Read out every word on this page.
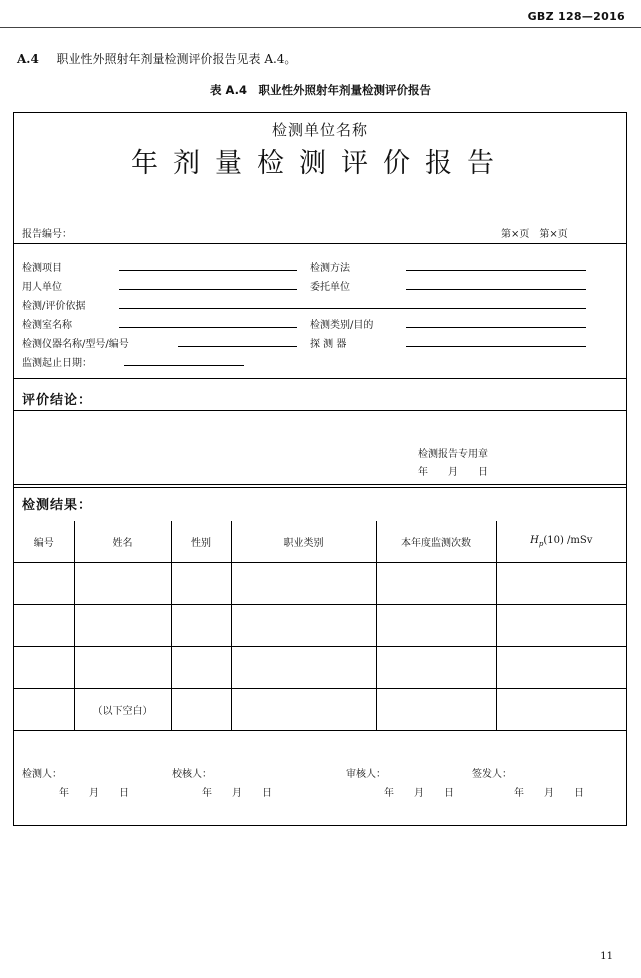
GBZ 128—2016
A.4 职业性外照射年剂量检测评价报告见表 A.4。
表 A.4　职业性外照射年剂量检测评价报告
检测单位名称
年剂量检测评价报告
报告编号：	第×页　第×页
检测项目	检测方法
用人单位	委托单位
检测/评价依据
检测室名称	检测类别/目的
检测仪器名称/型号/编号	探 测 器
监测起止日期：
评价结论：
检测报告专用章
年　　月　　日
检测结果：
编号	姓名	性别	职业类别	本年度监测次数	$H_p(10)$ /mSv

	（以下空白）				
检测人：	校核人：	审核人：	签发人：
年　　月　　日	年　　月　　日	年　　月　　日	年　　月　　日
11
